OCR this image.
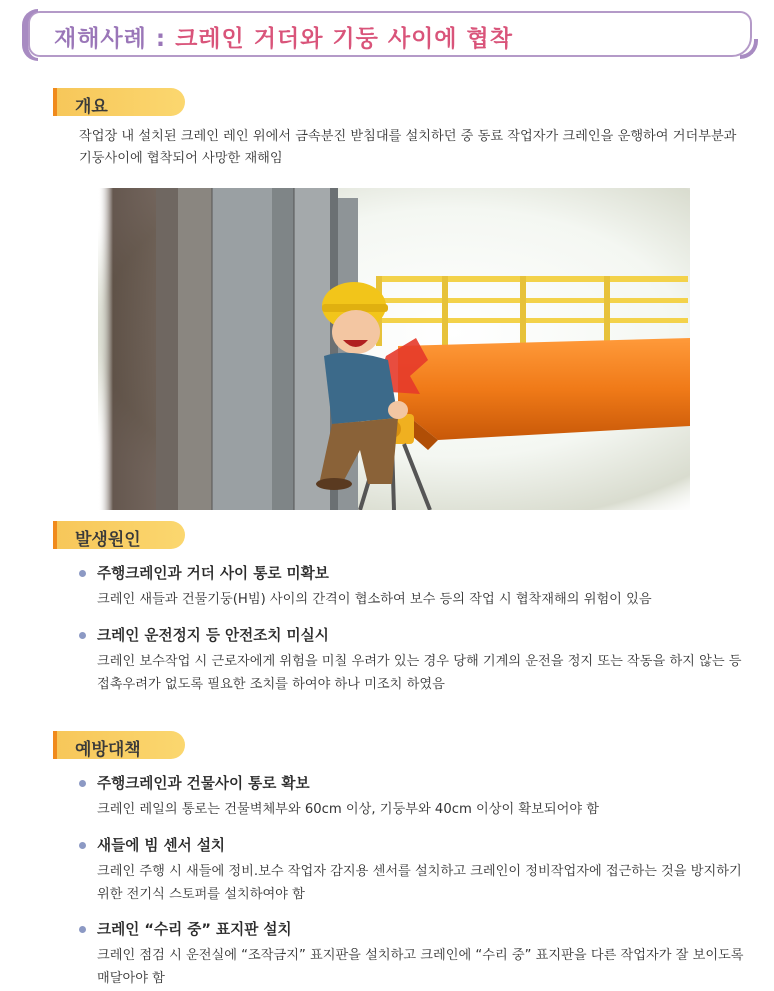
재해사례 : 크레인 거더와 기둥 사이에 협착
개요
작업장 내 설치된 크레인 레인 위에서 금속분진 받침대를 설치하던 중 동료 작업자가 크레인을 운행하여 거더부분과 기둥사이에 협착되어 사망한 재해임
발생원인
주행크레인과 거더 사이 통로 미확보
크레인 새들과 건물기둥(H빔) 사이의 간격이 협소하여 보수 등의 작업 시 협착재해의 위험이 있음
크레인 운전정지 등 안전조치 미실시
크레인 보수작업 시 근로자에게 위험을 미칠 우려가 있는 경우 당해 기계의 운전을 정지 또는 작동을 하지 않는 등 접촉우려가 없도록 필요한 조치를 하여야 하나 미조치 하였음
예방대책
주행크레인과 건물사이 통로 확보
크레인 레일의 통로는 건물벽체부와 60cm 이상, 기둥부와 40cm 이상이 확보되어야 함
새들에 빔 센서 설치
크레인 주행 시 새들에 정비.보수 작업자 감지용 센서를 설치하고 크레인이 정비작업자에 접근하는 것을 방지하기 위한 전기식 스토퍼를 설치하여야 함
크레인 “수리 중” 표지판 설치
크레인 점검 시 운전실에 “조작금지” 표지판을 설치하고 크레인에 “수리 중” 표지판을 다른 작업자가 잘 보이도록 매달아야 함
